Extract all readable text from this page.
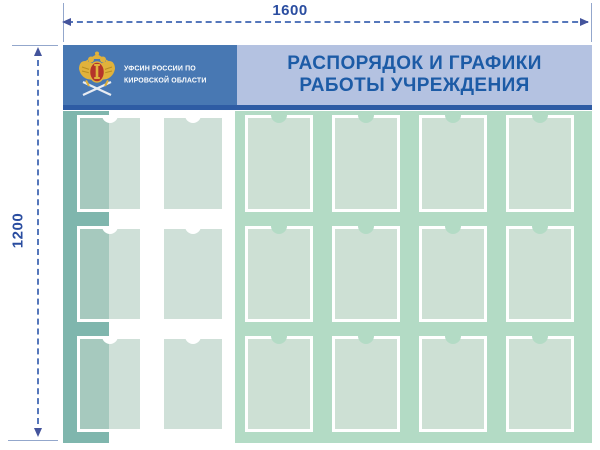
1600
1200
УФСИН РОССИИ ПО
КИРОВСКОЙ ОБЛАСТИ
РАСПОРЯДОК И ГРАФИКИ
РАБОТЫ УЧРЕЖДЕНИЯ
